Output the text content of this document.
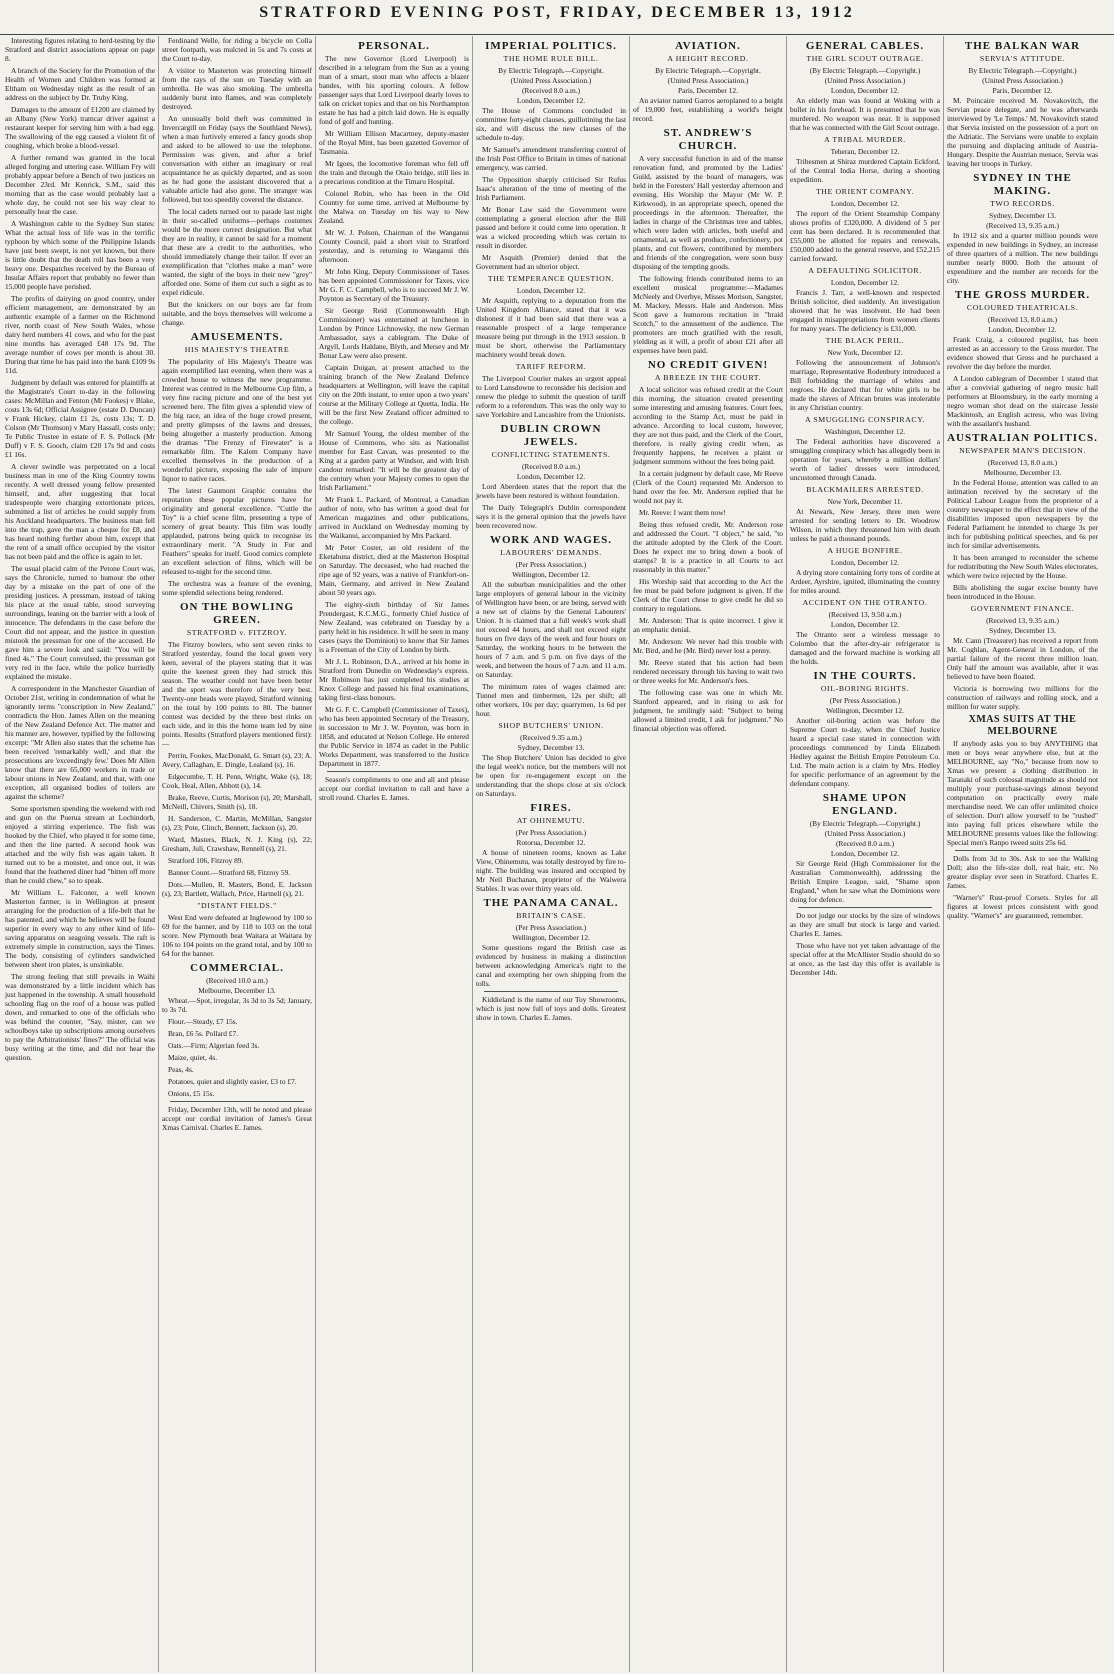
STRATFORD EVENING POST, FRIDAY, DECEMBER 13, 1912

Interesting figures relating to herd-testing by the Stratford and district associations appear on page 8.

A branch of the Society for the Promotion of the Health of Women and Children was formed at Eltham on Wednesday night as the result of an address on the subject by Dr. Truby King.

Damages to the amount of £1200 are claimed by an Albany (New York) tramcar driver against a restaurant keeper for serving him with a bad egg. The swallowing of the egg caused a violent fit of coughing, which broke a blood-vessel.

A further remand was granted in the local alleged forging and uttering case. William Fry will probably appear before a Bench of two justices on December 23rd. Mr Kenrick, S.M., said this morning that as the case would probably last a whole day, he could not see his way clear to personally hear the case.

A Washington cable to the Sydney Sun states: What the actual loss of life was in the terrific typhoon by which some of the Philippine Islands have just been swept, is not yet known, but there is little doubt that the death roll has been a very heavy one. Despatches received by the Bureau of Insular Affairs report that probably no fewer than 15,000 people have perished.

The profits of dairying on good country, under efficient management, are demonstrated by an authentic example of a farmer on the Richmond river, north coast of New South Wales, whose dairy herd numbers 41 cows, and who for the past nine months has averaged £48 17s 9d. The average number of cows per month is about 30. During that time he has paid into the bank £109 9s 11d.

Judgment by default was entered for plaintiffs at the Magistrate's Court to-day in the following cases: McMillan and Fenton (Mr Fookes) v Blake, costs 13s 6d; Official Assignee (estate D. Duncan) v Frank Hickey, claim £1 2s, costs 13s; T. D. Colson (Mr Thomson) v Mary Hassall, costs only; Te Public Trustee in estate of F. S. Pollock (Mr Duff) v F. S. Gooch, claim £20 17s 9d and costs £1 16s.

A clever swindle was perpetrated on a local business man in one of the King Country towns recently. A well dressed young fellow presented himself, and, after suggesting that local tradespeople were charging extortionate prices, submitted a list of articles he could supply from his Auckland headquarters. The business man fell into the trap, gave the man a cheque for £8, and has heard nothing further about him, except that the rent of a small office occupied by the visitor has not been paid and the office is again to let.

The usual placid calm of the Petone Court was, says the Chronicle, turned to humour the other day by a mistake on the part of one of the presiding justices. A pressman, instead of taking his place at the usual table, stood surveying surroundings, leaning on the barrier with a look of innocence. The defendants in the case before the Court did not appear, and the justice in question mistook the pressman for one of the accused. He gave him a severe look and said: "You will be fined 4s." The Court convulsed, the pressman got very red in the face, while the police hurriedly explained the mistake.

A correspondent in the Manchester Guardian of October 21st, writing in condemnation of what he ignorantly terms "conscription in New Zealand," contradicts the Hon. James Allen on the meaning of the New Zealand Defence Act. The matter and his manner are, however, typified by the following excerpt: "Mr Allen also states that the scheme has been received 'remarkably well,' and that the prosecutions are 'exceedingly few.' Does Mr Allen know that there are 65,000 workers in trade or labour unions in New Zealand, and that, with one exception, all organised bodies of toilers are against the scheme?

Some sportsmen spending the weekend with rod and gun on the Puerua stream at Lochindorb, enjoyed a stirring experience. The fish was hooked by the Chief, who played it for some time, and then the line parted. A second hook was attached and the wily fish was again taken. It turned out to be a monster, and once out, it was found that the feathered diner had "bitten off more than he could chew," so to speak.

Mr William L. Falconer, a well known Masterton farmer, is in Wellington at present arranging for the production of a life-belt that he has patented, and which he believes will be found superior in every way to any other kind of life-saving apparatus on seagoing vessels. The raft is extremely simple in construction, says the Times. The body, consisting of cylinders sandwiched between sheet iron plates, is unsinkable.

The strong feeling that still prevails in Waihi was demonstrated by a little incident which has just happened in the township. A small household schooling flag on the roof of a house was pulled down, and remarked to one of the officials who was behind the counter, "Say, mister, can we schoolboys take up subscriptions among ourselves to pay the Arbitrationists' fines?" The official was busy writing at the time, and did not hear the question.

Ferdinand Welle, for riding a bicycle on Colla street footpath, was mulcted in 5s and 7s costs at the Court to-day.

A visitor to Masterton was protecting himself from the rays of the sun on Tuesday with an umbrella. He was also smoking. The umbrella suddenly burst into flames, and was completely destroyed.

An unusually bold theft was committed in Invercargill on Friday (says the Southland News), when a man furtively entered a fancy goods shop and asked to be allowed to use the telephone. Permission was given, and after a brief conversation with either an imaginary or real acquaintance he as quickly departed, and as soon as he had gone the assistant discovered that a valuable article had also gone. The stranger was followed, but too speedily covered the distance.

The local cadets turned out to parade last night in their so-called uniforms—perhaps costumes would be the more correct designation. But what they are in reality, it cannot be said for a moment that these are a credit to the authorities, who should immediately change their tailor. If ever an exemplification that "clothes make a man" were wanted, the sight of the boys in their new "grey" afforded one. Some of them cut such a sight as to expel ridicule.

But the knickers on our boys are far from suitable, and the boys themselves will welcome a change.

AMUSEMENTS.
HIS MAJESTY'S THEATRE

The popularity of His Majesty's Theatre was again exemplified last evening, when there was a crowded house to witness the new programme. Interest was centred in the Melbourne Cup film, a very fine racing picture and one of the best yet screened here. The film gives a splendid view of the big race, an idea of the huge crowd present, and pretty glimpses of the lawns and dresses, being altogether a masterly production. Among the dramas "The Frenzy of Firewater" is a remarkable film. The Kalem Company have excelled themselves in the production of a wonderful picture, exposing the sale of impure liquor to native races.

The latest Gaumont Graphic contains the reputation these popular pictures have for originality and general excellence. "Cuttle the Toy" is a chief scene film, presenting a type of scenery of great beauty. This film was loudly applauded, patrons being quick to recognise its extraordinary merit. "A Study in Fur and Feathers" speaks for itself. Good comics complete an excellent selection of films, which will be released to-night for the second time.

The orchestra was a feature of the evening, some splendid selections being rendered.

ON THE BOWLING GREEN.
STRATFORD v. FITZROY.

The Fitzroy bowlers, who sent seven rinks to Stratford yesterday, found the local green very keen, several of the players stating that it was quite the keenest green they had struck this season. The weather could not have been better and the sport was therefore of the very best. Twenty-one heads were played, Stratford winning on the total by 100 points to 80. The banner contest was decided by the three best rinks on each side, and in this the home team led by nine points. Results (Stratford players mentioned first):—

Perrin, Fookes, MacDonald, G. Smart (s), 23; A. Avery, Callaghan, E. Dingle, Lealand (s), 16.

Edgecumbe, T. H. Penn, Wright, Wake (s), 18; Cook, Heal, Allen, Abbott (s), 14.

Brake, Reeve, Curtis, Morison (s), 20; Marshall, McNeill, Chivers, Smith (s), 18.

H. Sanderson, C. Martin, McMillan, Sangster (s), 23; Pote, Clinch, Bennett, Jackson (s), 20.

Ward, Masters, Black, N. J. King (s), 22; Gresham, Juli, Crawshaw, Rennell (s), 21.

Stratford 106, Fitzroy 89.

Banner Count.—Stratford 68, Fitzroy 59.

Dots.—Mullen, R. Masters, Bond, E. Jackson (s), 23; Bartlett, Wallach, Price, Hartnell (s), 21.

"DISTANT FIELDS."

West End were defeated at Inglewood by 100 to 69 for the banner, and by 118 to 103 on the total score. New Plymouth beat Waitara at Waitara by 106 to 104 points on the grand total, and by 100 to 64 for the banner.

COMMERCIAL.
(Received 10.0 a.m.)
Melbourne, December 13.

Wheat.—Spot, irregular, 3s 3d to 3s 5d; January, to 3s 7d.

Flour.—Steady, £7 15s.

Bran, £6 5s. Pollard £7.

Oats.—Firm; Algerian feed 3s.

Maize, quiet, 4s.

Peas, 4s.

Potatoes, quiet and slightly easier, £3 to £7.

Onions, £5 15s.

Friday, December 13th, will be noted and please accept our cordial invitation of James's Great Xmas Carnival. Charles E. James.

PERSONAL.

The new Governor (Lord Liverpool) is described in a telegram from the Sun as a young man of a smart, stout man who affects a blazer bandes, with his sporting colours. A fellow passenger says that Lord Liverpool dearly loves to talk on cricket topics and that on his Northampton estate he has had a pitch laid down. He is equally fond of golf and hunting.

Mr William Ellison Macartney, deputy-master of the Royal Mint, has been gazetted Governor of Tasmania.

Mr Igoes, the locomotive foreman who fell off the train and through the Otaio bridge, still lies in a precarious condition at the Timaru Hospital.

Colonel Robin, who has been in the Old Country for some time, arrived at Melbourne by the Malwa on Tuesday on his way to New Zealand.

Mr W. J. Polson, Chairman of the Wanganui County Council, paid a short visit to Stratford yesterday, and is returning to Wanganui this afternoon.

Mr John King, Deputy Commissioner of Taxes has been appointed Commissioner for Taxes, vice Mr G. F. C. Campbell, who is to succeed Mr J. W. Poynton as Secretary of the Treasury.

Sir George Reid (Commonwealth High Commissioner) was entertained at luncheon in London by Prince Lichnowsky, the new German Ambassador, says a cablegram. The Duke of Argyll, Lords Haldane, Blyth, and Mersey and Mr Bonar Law were also present.

Captain Duigan, at present attached to the training branch of the New Zealand Defence headquarters at Wellington, will leave the capital city on the 20th instant, to enter upon a two years' course at the Military College at Quetta, India. He will be the first New Zealand officer admitted to the college.

Mr Samuel Young, the oldest member of the House of Commons, who sits as Nationalist member for East Cavan, was presented to the King at a garden party at Windsor, and with Irish candour remarked: "It will be the greatest day of the century when your Majesty comes to open the Irish Parliament."

Mr Frank L. Packard, of Montreal, a Canadian author of note, who has written a good deal for American magazines and other publications, arrived in Auckland on Wednesday morning by the Waikanui, accompanied by Mrs Packard.

Mr Peter Coster, an old resident of the Eketahuna district, died at the Masterton Hospital on Saturday. The deceased, who had reached the ripe age of 92 years, was a native of Frankfort-on-Main, Germany, and arrived in New Zealand about 50 years ago.

The eighty-sixth birthday of Sir James Prendergast, K.C.M.G., formerly Chief Justice of New Zealand, was celebrated on Tuesday by a party held in his residence. It will be seen in many cases (says the Dominion) to know that Sir James is a Freeman of the City of London by birth.

Mr J. L. Robinson, D.A., arrived at his home in Stratford from Dunedin on Wednesday's express. Mr Robinson has just completed his studies at Knox College and passed his final examinations, taking first-class honours.

Mr G. F. C. Campbell (Commissioner of Taxes), who has been appointed Secretary of the Treasury, in succession to Mr J. W. Poynton, was born in 1858, and educated at Nelson College. He entered the Public Service in 1874 as cadet in the Public Works Department, was transferred to the Justice Department in 1877.

Season's compliments to one and all and please accept our cordial invitation to call and have a stroll round. Charles E. James.

IMPERIAL POLITICS.
THE HOME RULE BILL.
By Electric Telegraph.—Copyright.
(United Press Association.)
(Received 8.0 a.m.)
London, December 12.

The House of Commons concluded in committee forty-eight clauses, guillotining the last six, and will discuss the new clauses of the schedule to-day.

Mr Samuel's amendment transferring control of the Irish Post Office to Britain in times of national emergency, was carried.

The Opposition sharply criticised Sir Rufus Isaac's alteration of the time of meeting of the Irish Parliament.

Mr Bonar Law said the Government were contemplating a general election after the Bill passed and before it could come into operation. It was a wicked proceeding which was certain to result in disorder.

Mr Asquith (Premier) denied that the Government had an ulterior object.

THE TEMPERANCE QUESTION.
London, December 12.

Mr Asquith, replying to a deputation from the United Kingdom Alliance, stated that it was dishonest if it had been said that there was a reasonable prospect of a large temperance measure being put through in the 1913 session. It must be short, otherwise the Parliamentary machinery would break down.

TARIFF REFORM.

The Liverpool Courier makes an urgent appeal to Lord Lansdowne to reconsider his decision and renew the pledge to submit the question of tariff reform to a referendum. This was the only way to save Yorkshire and Lancashire from the Unionists.

DUBLIN CROWN JEWELS.
CONFLICTING STATEMENTS.
(Received 8.0 a.m.)
London, December 12.

Lord Aberdeen states that the report that the jewels have been restored is without foundation.

The Daily Telegraph's Dublin correspondent says it is the general opinion that the jewels have been recovered now.

WORK AND WAGES.
LABOURERS' DEMANDS.
(Per Press Association.)
Wellington, December 12.

All the suburban municipalities and the other large employers of general labour in the vicinity of Wellington have been, or are being, served with a new set of claims by the General Labourers' Union. It is claimed that a full week's work shall not exceed 44 hours, and shall not exceed eight hours on five days of the week and four hours on Saturday, the working hours to be between the hours of 7 a.m. and 5 p.m. on five days of the week, and between the hours of 7 a.m. and 11 a.m. on Saturday.

The minimum rates of wages claimed are: Tunnel men and timbermen, 12s per shift; all other workers, 10s per day; quarrymen, 1s 6d per hour.

SHOP BUTCHERS' UNION.
(Received 9.35 a.m.)
Sydney, December 13.

The Shop Butchers' Union has decided to give the legal week's notice, but the members will not be open for re-engagement except on the understanding that the shops close at six o'clock on Saturdays.

FIRES.
AT OHINEMUTU.
(Per Press Association.)
Rotorua, December 12.

A house of nineteen rooms, known as Lake View, Ohinemutu, was totally destroyed by fire to-night. The building was insured and occupied by Mr Neil Buchanan, proprietor of the Waiwera Stables. It was over thirty years old.

THE PANAMA CANAL.
BRITAIN'S CASE.
(Per Press Association.)
Wellington, December 12.

Some questions regard the British case as evidenced by business in making a distinction between acknowledging America's right to the canal and exempting her own shipping from the tolls.

Kiddieland is the name of our Toy Showrooms, which is just now full of toys and dolls. Greatest show in town. Charles E. James.

AVIATION.
A HEIGHT RECORD.
By Electric Telegraph.—Copyright.
(United Press Association.)
Paris, December 12.

An aviator named Garros aeroplaned to a height of 19,000 feet, establishing a world's height record.

ST. ANDREW'S CHURCH.

A very successful function in aid of the manse renovation fund, and promoted by the Ladies' Guild, assisted by the board of managers, was held in the Foresters' Hall yesterday afternoon and evening. His Worship the Mayor (Mr W. P. Kirkwood), in an appropriate speech, opened the proceedings in the afternoon. Thereafter, the ladies in charge of the Christmas tree and tables, which were laden with articles, both useful and ornamental, as well as produce, confectionery, pot plants, and cut flowers, contributed by members and friends of the congregation, were soon busy disposing of the tempting goods.

The following friends contributed items to an excellent musical programme:—Madames McNeely and Overbye, Misses Morison, Sangster, M. Mackey, Messrs. Hale and Anderson. Miss Scott gave a humorous recitation in "braid Scotch," to the amusement of the audience. The promoters are much gratified with the result, yielding as it will, a profit of about £21 after all expenses have been paid.

NO CREDIT GIVEN!
A BREEZE IN THE COURT.

A local solicitor was refused credit at the Court this morning, the situation created presenting some interesting and amusing features. Court fees, according to the Stamp Act, must be paid in advance. According to local custom, however, they are not thus paid, and the Clerk of the Court, therefore, is really giving credit when, as frequently happens, he receives a plaint or judgment summons without the fees being paid.

In a certain judgment by default case, Mr Reeve (Clerk of the Court) requested Mr. Anderson to hand over the fee. Mr. Anderson replied that he would not pay it.

Mr. Reeve: I want them now!

Being thus refused credit, Mr. Anderson rose and addressed the Court. "I object," he said, "to the attitude adopted by the Clerk of the Court. Does he expect me to bring down a book of stamps? It is a practice in all Courts to act reasonably in this matter."

His Worship said that according to the Act the fee must be paid before judgment is given. If the Clerk of the Court chose to give credit he did so contrary to regulations.

Mr. Anderson: That is quite incorrect. I give it an emphatic denial.

Mr. Anderson: We never had this trouble with Mr. Bird, and he (Mr. Bird) never lost a penny.

Mr. Reeve stated that his action had been rendered necessary through his having to wait two or three weeks for Mr. Anderson's fees.

The following case was one in which Mr. Stanford appeared, and in rising to ask for judgment, he smilingly said: "Subject to being allowed a limited credit, I ask for judgment." No financial objection was offered.

GENERAL CABLES.
THE GIRL SCOUT OUTRAGE.
(By Electric Telegraph.—Copyright.)
(United Press Association.)
London, December 12.

An elderly man was found at Woking with a bullet in his forehead. It is presumed that he was murdered. No weapon was near. It is supposed that he was connected with the Girl Scout outrage.

A TRIBAL MURDER.
Teheran, December 12.

Tribesmen at Shiraz murdered Captain Eckford, of the Central India Horse, during a shooting expedition.

THE ORIENT COMPANY.
London, December 12.

The report of the Orient Steamship Company shows profits of £320,000. A dividend of 5 per cent has been declared. It is recommended that £55,000 be allotted for repairs and renewals, £50,000 added to the general reserve, and £52,215 carried forward.

A DEFAULTING SOLICITOR.
London, December 12.

Francis J. Tarr, a well-known and respected British solicitor, died suddenly. An investigation showed that he was insolvent. He had been engaged in misappropriations from women clients for many years. The deficiency is £31,000.

THE BLACK PERIL.
New York, December 12.

Following the announcement of Johnson's marriage, Representative Rodenbury introduced a Bill forbidding the marriage of whites and negroes. He declared that for white girls to be made the slaves of African brutes was intolerable in any Christian country.

A SMUGGLING CONSPIRACY.
Washington, December 12.

The Federal authorities have discovered a smuggling conspiracy which has allegedly been in operation for years, whereby a million dollars' worth of ladies' dresses were introduced, uncustomed through Canada.

BLACKMAILERS ARRESTED.
New York, December 11.

At Newark, New Jersey, three men were arrested for sending letters to Dr. Woodrow Wilson, in which they threatened him with death unless he paid a thousand pounds.

A HUGE BONFIRE.
London, December 12.

A drying store containing forty tons of cordite at Ardeer, Ayrshire, ignited, illuminating the country for miles around.

ACCIDENT ON THE OTRANTO.
(Received 13, 9.50 a.m.)
London, December 12.

The Otranto sent a wireless message to Colombo that the after-dry-air refrigerator is damaged and the forward machine is working all the holds.

IN THE COURTS.
OIL-BORING RIGHTS.
(Per Press Association.)
Wellington, December 12.

Another oil-boring action was before the Supreme Court to-day, when the Chief Justice heard a special case stated in connection with proceedings commenced by Linda Elizabeth Hedley against the British Empire Petroleum Co. Ltd. The main action is a claim by Mrs. Hedley for specific performance of an agreement by the defendant company.

SHAME UPON ENGLAND.
(By Electric Telegraph.—Copyright.)
(United Press Association.)
(Received 8.0 a.m.)
London, December 12.

Sir George Reid (High Commissioner for the Australian Commonwealth), addressing the British Empire League, said, "Shame upon England," when he saw what the Dominions were doing for defence.

Do not judge our stocks by the size of windows as they are small but stock is large and varied. Charles E. James.

Those who have not yet taken advantage of the special offer at the McAllister Studio should do so at once, as the last day this offer is available is December 14th.

THE BALKAN WAR
SERVIA'S ATTITUDE.
By Electric Telegraph.—Copyright.)
(United Press Association.)
Paris, December 12.

M. Poincaire received M. Novakovitch, the Servian peace delegate, and he was afterwards interviewed by 'Le Temps.' M. Novakovitch stated that Servia insisted on the possession of a port on the Adriatic. The Servians were unable to explain the pursuing and displacing attitude of Austria-Hungary. Despite the Austrian menace, Servia was leaving her troops in Turkey.

SYDNEY IN THE MAKING.
TWO RECORDS.
Sydney, December 13.
(Received 13, 9.35 a.m.)

In 1912 six and a quarter million pounds were expended in new buildings in Sydney, an increase of three quarters of a million. The new buildings number nearly 8000. Both the amount of expenditure and the number are records for the city.

THE GROSS MURDER.
COLOURED THEATRICALS.
(Received 13, 8.0 a.m.)
London, December 12.

Frank Craig, a coloured pugilist, has been arrested as an accessory to the Gross murder. The evidence showed that Gross and he purchased a revolver the day before the murder.

A London cablegram of December 1 stated that after a convivial gathering of negro music hall performers at Bloomsbury, in the early morning a negro woman shot dead on the staircase Jessie Mackintosh, an English actress, who was living with the assailant's husband.

AUSTRALIAN POLITICS.
NEWSPAPER MAN'S DECISION.
(Received 13, 8.0 a.m.)
Melbourne, December 13.

In the Federal House, attention was called to an intimation received by the secretary of the Political Labour League from the proprietor of a country newspaper to the effect that in view of the disabilities imposed upon newspapers by the Federal Parliament he intended to charge 3s per inch for publishing political speeches, and 6s per inch for similar advertisements.

It has been arranged to reconsider the scheme for redistributing the New South Wales electorates, which were twice rejected by the House.

Bills abolishing the sugar excise bounty have been introduced in the House.

GOVERNMENT FINANCE.
(Received 13, 9.35 a.m.)
Sydney, December 13.

Mr. Cann (Treasurer) has received a report from Mr. Coghlan, Agent-General in London, of the partial failure of the recent three million loan. Only half the amount was available, after it was believed to have been floated.

Victoria is borrowing two millions for the construction of railways and rolling stock, and a million for water supply.

XMAS SUITS AT THE MELBOURNE

If anybody asks you to buy ANYTHING that men or boys wear anywhere else, but at the MELBOURNE, say "No," because from now to Xmas we present a clothing distribution in Taranaki of such colossal magnitude as should not multiply your purchase-savings almost beyond computation on practically every male merchandise need. We can offer unlimited choice of selection. Don't allow yourself to be "rushed" into paying full prices elsewhere while the MELBOURNE presents values like the following: Special men's Ranpo tweed suits 25s 6d.

Dolls from 3d to 30s. Ask to see the Walking Doll; also the life-size doll, real hair, etc. No greater display ever seen in Stratford. Charles E. James.

"Warner's" Rust-proof Corsets. Styles for all figures at lowest prices consistent with good quality. "Warner's" are guaranteed, remember.
